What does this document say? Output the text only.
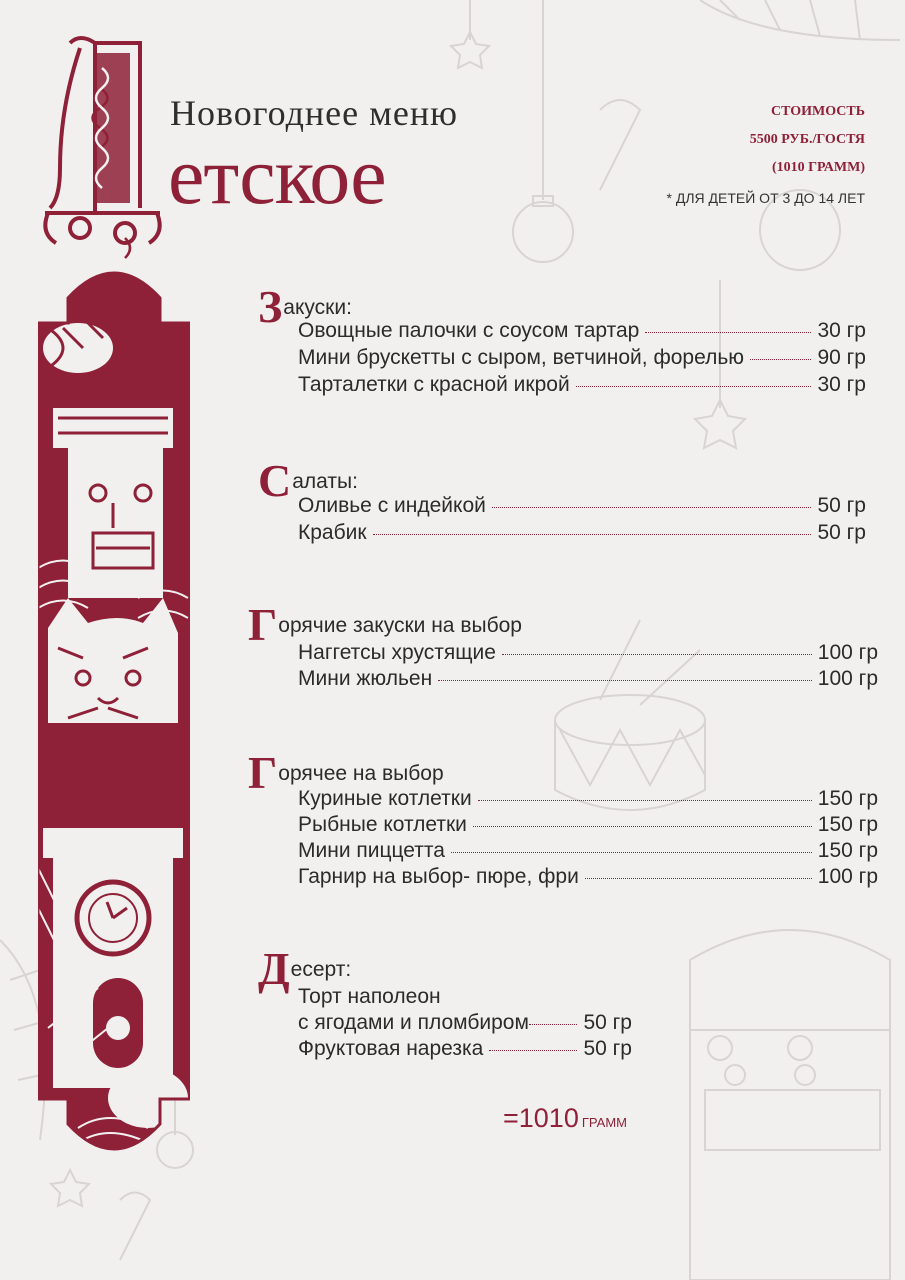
Новогоднее меню
етское
СТОИМОСТЬ
5500 РУБ./ГОСТЯ
(1010 ГРАММ)
* ДЛЯ ДЕТЕЙ ОТ 3 ДО 14 ЛЕТ
З акуски:
Овощные палочки с соусом тартар	30 гр
Мини брускетты с сыром, ветчиной, форелью	90 гр
Тарталетки с красной икрой	30 гр
С алаты:
Оливье с индейкой	50 гр
Крабик	50 гр
Г орячие закуски на выбор
Наггетсы хрустящие	100 гр
Мини жюльен	100 гр
Г орячее на выбор
Куриные котлетки	150 гр
Рыбные котлетки	150 гр
Мини пиццетта	150 гр
Гарнир на выбор- пюре, фри	100 гр
Д есерт:
Торт наполеон
с ягодами и пломбиром	50 гр
Фруктовая нарезка	50 гр
=1010 ГРАММ
